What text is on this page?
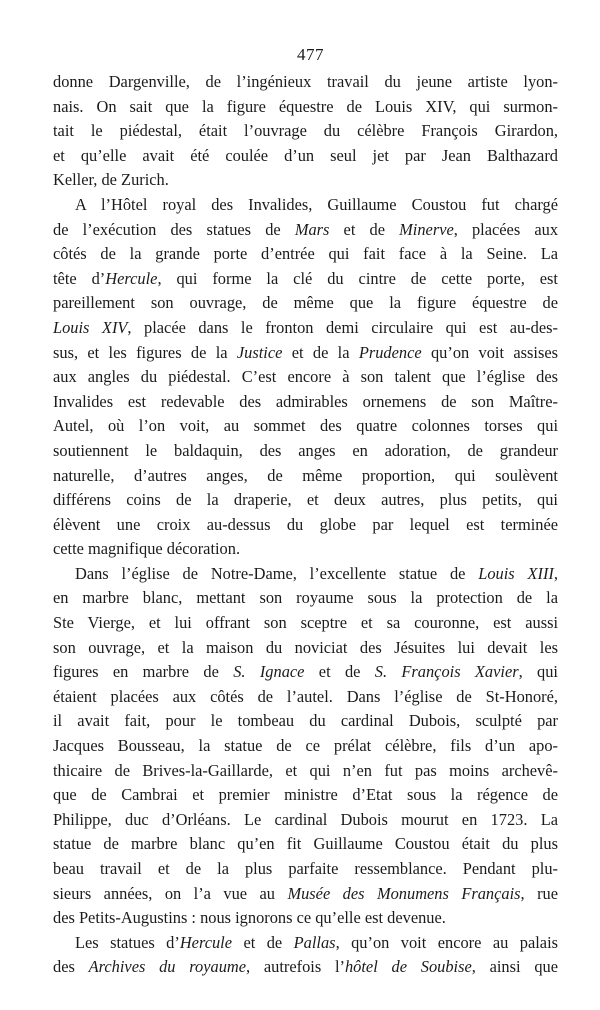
477
donne Dargenville, de l’ingénieux travail du jeune artiste lyon-
nais. On sait que la figure équestre de Louis XIV, qui surmon-
tait le piédestal, était l’ouvrage du célèbre François Girardon,
et qu’elle avait été coulée d’un seul jet par Jean Balthazard
Keller, de Zurich.
A l’Hôtel royal des Invalides, Guillaume Coustou fut chargé
de l’exécution des statues de Mars et de Minerve, placées aux
côtés de la grande porte d’entrée qui fait face à la Seine. La
tête d’Hercule, qui forme la clé du cintre de cette porte, est
pareillement son ouvrage, de même que la figure équestre de
Louis XIV, placée dans le fronton demi circulaire qui est au-des-
sus, et les figures de la Justice et de la Prudence qu’on voit assises
aux angles du piédestal. C’est encore à son talent que l’église des
Invalides est redevable des admirables ornemens de son Maître-
Autel, où l’on voit, au sommet des quatre colonnes torses qui
soutiennent le baldaquin, des anges en adoration, de grandeur
naturelle, d’autres anges, de même proportion, qui soulèvent
différens coins de la draperie, et deux autres, plus petits, qui
élèvent une croix au-dessus du globe par lequel est terminée
cette magnifique décoration.
Dans l’église de Notre-Dame, l’excellente statue de Louis XIII,
en marbre blanc, mettant son royaume sous la protection de la
Ste Vierge, et lui offrant son sceptre et sa couronne, est aussi
son ouvrage, et la maison du noviciat des Jésuites lui devait les
figures en marbre de S. Ignace et de S. François Xavier, qui
étaient placées aux côtés de l’autel. Dans l’église de St-Honoré,
il avait fait, pour le tombeau du cardinal Dubois, sculpté par
Jacques Bousseau, la statue de ce prélat célèbre, fils d’un apo-
thicaire de Brives-la-Gaillarde, et qui n’en fut pas moins archevê-
que de Cambrai et premier ministre d’Etat sous la régence de
Philippe, duc d’Orléans. Le cardinal Dubois mourut en 1723. La
statue de marbre blanc qu’en fit Guillaume Coustou était du plus
beau travail et de la plus parfaite ressemblance. Pendant plu-
sieurs années, on l’a vue au Musée des Monumens Français, rue
des Petits-Augustins : nous ignorons ce qu’elle est devenue.
Les statues d’Hercule et de Pallas, qu’on voit encore au palais
des Archives du royaume, autrefois l’hôtel de Soubise, ainsi que
